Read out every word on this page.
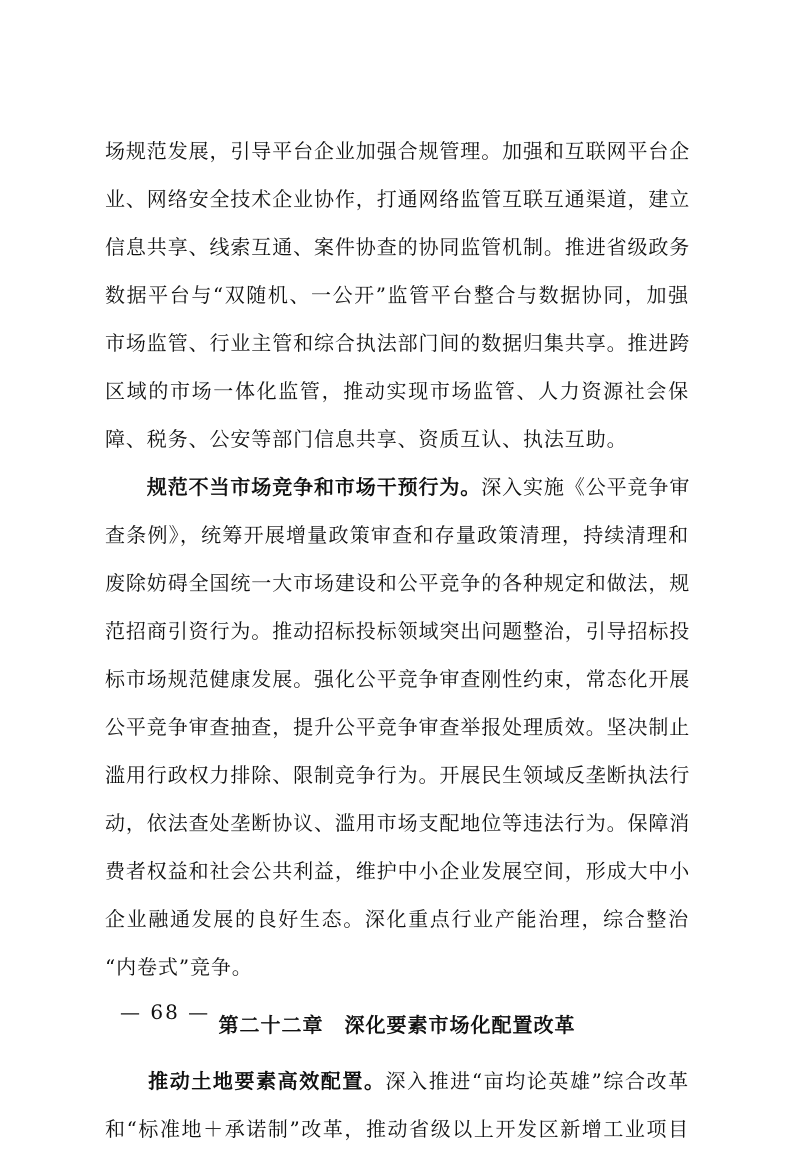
场规范发展，引导平台企业加强合规管理。加强和互联网平台企
业、网络安全技术企业协作，打通网络监管互联互通渠道，建立
信息共享、线索互通、案件协查的协同监管机制。推进省级政务
数据平台与“双随机、一公开”监管平台整合与数据协同，加强
市场监管、行业主管和综合执法部门间的数据归集共享。推进跨
区域的市场一体化监管，推动实现市场监管、人力资源社会保
障、税务、公安等部门信息共享、资质互认、执法互助。
　　规范不当市场竞争和市场干预行为。深入实施《公平竞争审
查条例》，统筹开展增量政策审查和存量政策清理，持续清理和
废除妨碍全国统一大市场建设和公平竞争的各种规定和做法，规
范招商引资行为。推动招标投标领域突出问题整治，引导招标投
标市场规范健康发展。强化公平竞争审查刚性约束，常态化开展
公平竞争审查抽查，提升公平竞争审查举报处理质效。坚决制止
滥用行政权力排除、限制竞争行为。开展民生领域反垄断执法行
动，依法查处垄断协议、滥用市场支配地位等违法行为。保障消
费者权益和社会公共利益，维护中小企业发展空间，形成大中小
企业融通发展的良好生态。深化重点行业产能治理，综合整治
“内卷式”竞争。
第二十二章　深化要素市场化配置改革
　　推动土地要素高效配置。深入推进“亩均论英雄”综合改革
和“标准地＋承诺制”改革，推动省级以上开发区新增工业项目
— 68 —
